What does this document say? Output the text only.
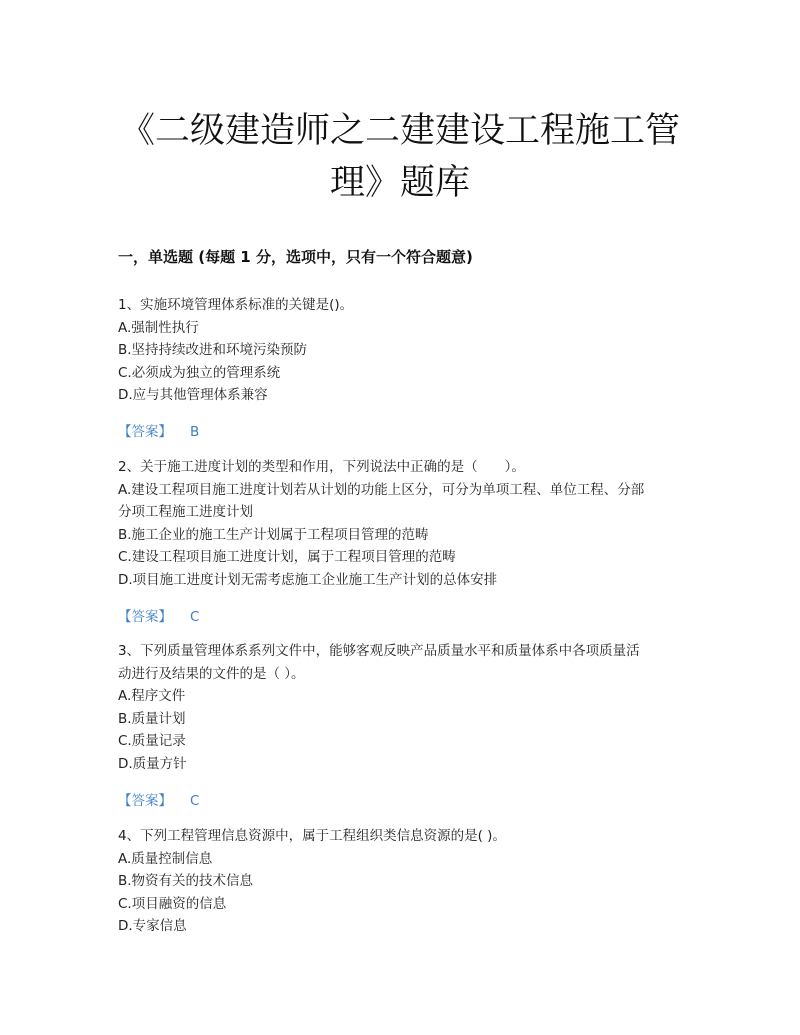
《二级建造师之二建建设工程施工管
理》题库
一，单选题 (每题 1 分，选项中，只有一个符合题意)
1、实施环境管理体系标准的关键是()。
A.强制性执行
B.坚持持续改进和环境污染预防
C.必须成为独立的管理系统
D.应与其他管理体系兼容
【答案】 B
2、关于施工进度计划的类型和作用，下列说法中正确的是（　　）。
A.建设工程项目施工进度计划若从计划的功能上区分，可分为单项工程、单位工程、分部
分项工程施工进度计划
B.施工企业的施工生产计划属于工程项目管理的范畴
C.建设工程项目施工进度计划，属于工程项目管理的范畴
D.项目施工进度计划无需考虑施工企业施工生产计划的总体安排
【答案】 C
3、下列质量管理体系系列文件中，能够客观反映产品质量水平和质量体系中各项质量活
动进行及结果的文件的是（ ）。
A.程序文件
B.质量计划
C.质量记录
D.质量方针
【答案】 C
4、下列工程管理信息资源中，属于工程组织类信息资源的是( )。
A.质量控制信息
B.物资有关的技术信息
C.项目融资的信息
D.专家信息
